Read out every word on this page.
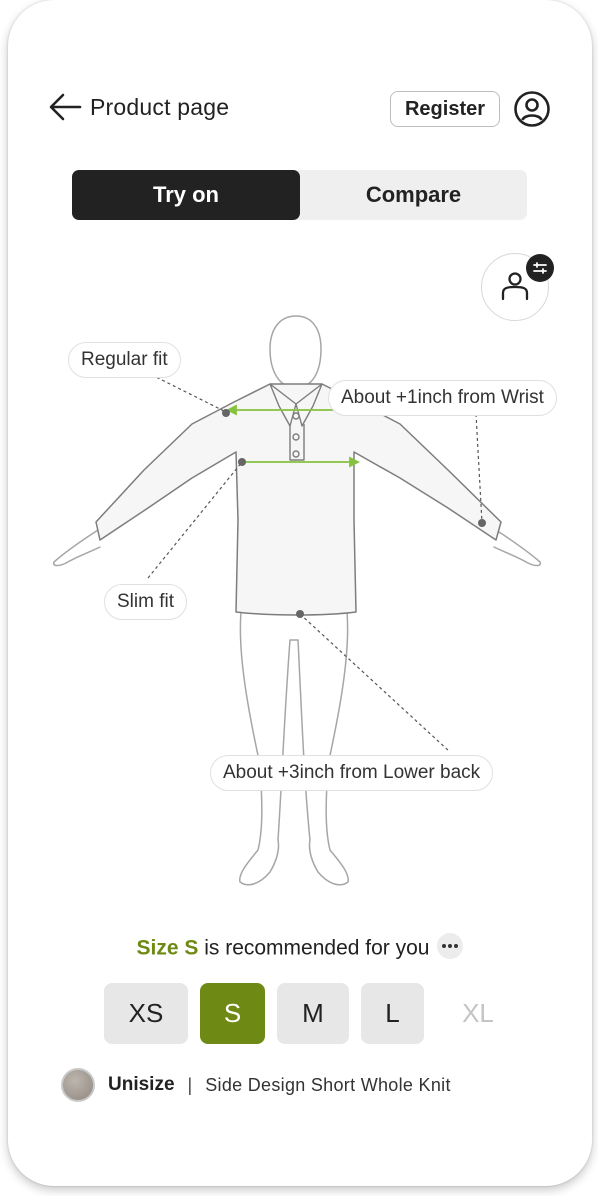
Product page	Register
Try on	Compare
Regular fit
About +1inch from Wrist
Slim fit
About +3inch from Lower back
Size S is recommended for you
XS	S	M	L	XL
Unisize | Side Design Short Whole Knit
